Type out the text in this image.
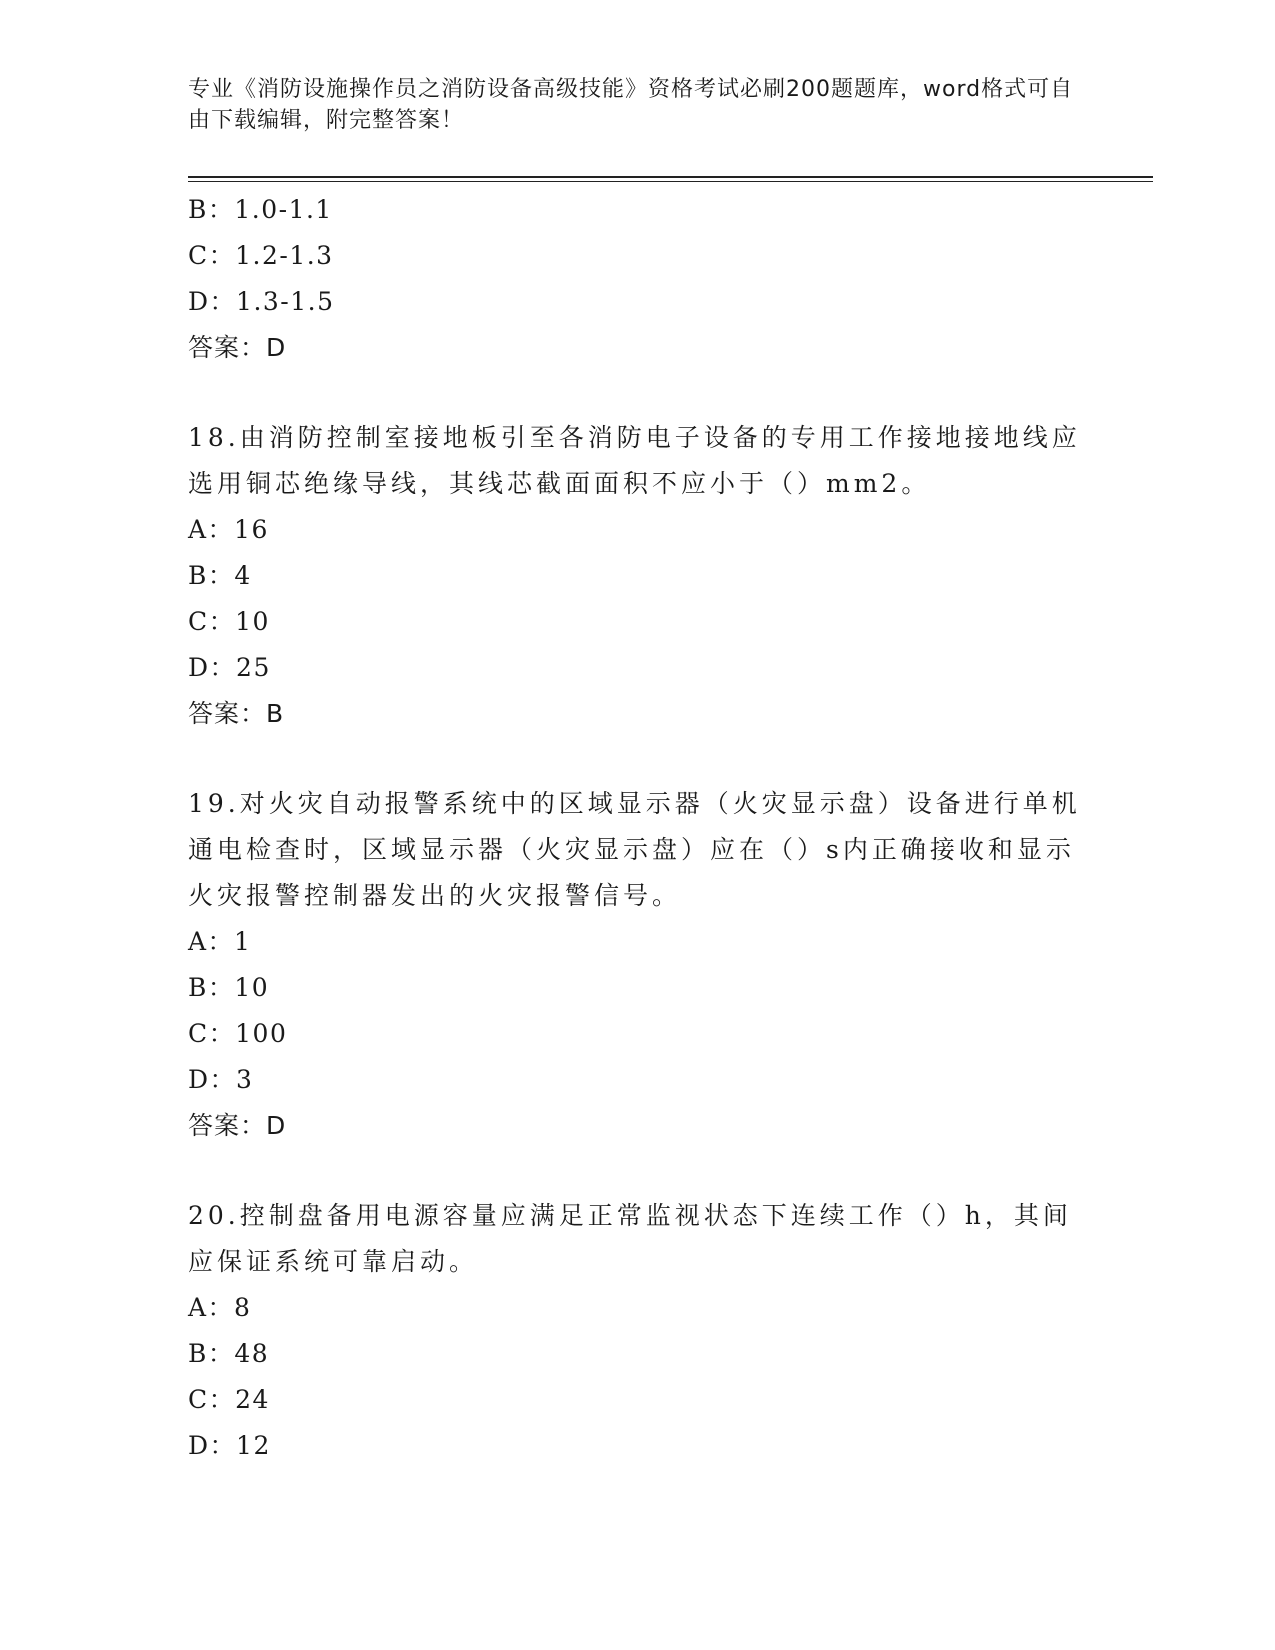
专业《消防设施操作员之消防设备高级技能》资格考试必刷200题题库，word格式可自由下载编辑，附完整答案！
B：1.0-1.1
C：1.2-1.3
D：1.3-1.5
答案：D
18.由消防控制室接地板引至各消防电子设备的专用工作接地接地线应
选用铜芯绝缘导线，其线芯截面面积不应小于（）mm2。
A：16
B：4
C：10
D：25
答案：B
19.对火灾自动报警系统中的区域显示器（火灾显示盘）设备进行单机
通电检查时，区域显示器（火灾显示盘）应在（）s内正确接收和显示
火灾报警控制器发出的火灾报警信号。
A：1
B：10
C：100
D：3
答案：D
20.控制盘备用电源容量应满足正常监视状态下连续工作（）h，其间
应保证系统可靠启动。
A：8
B：48
C：24
D：12
